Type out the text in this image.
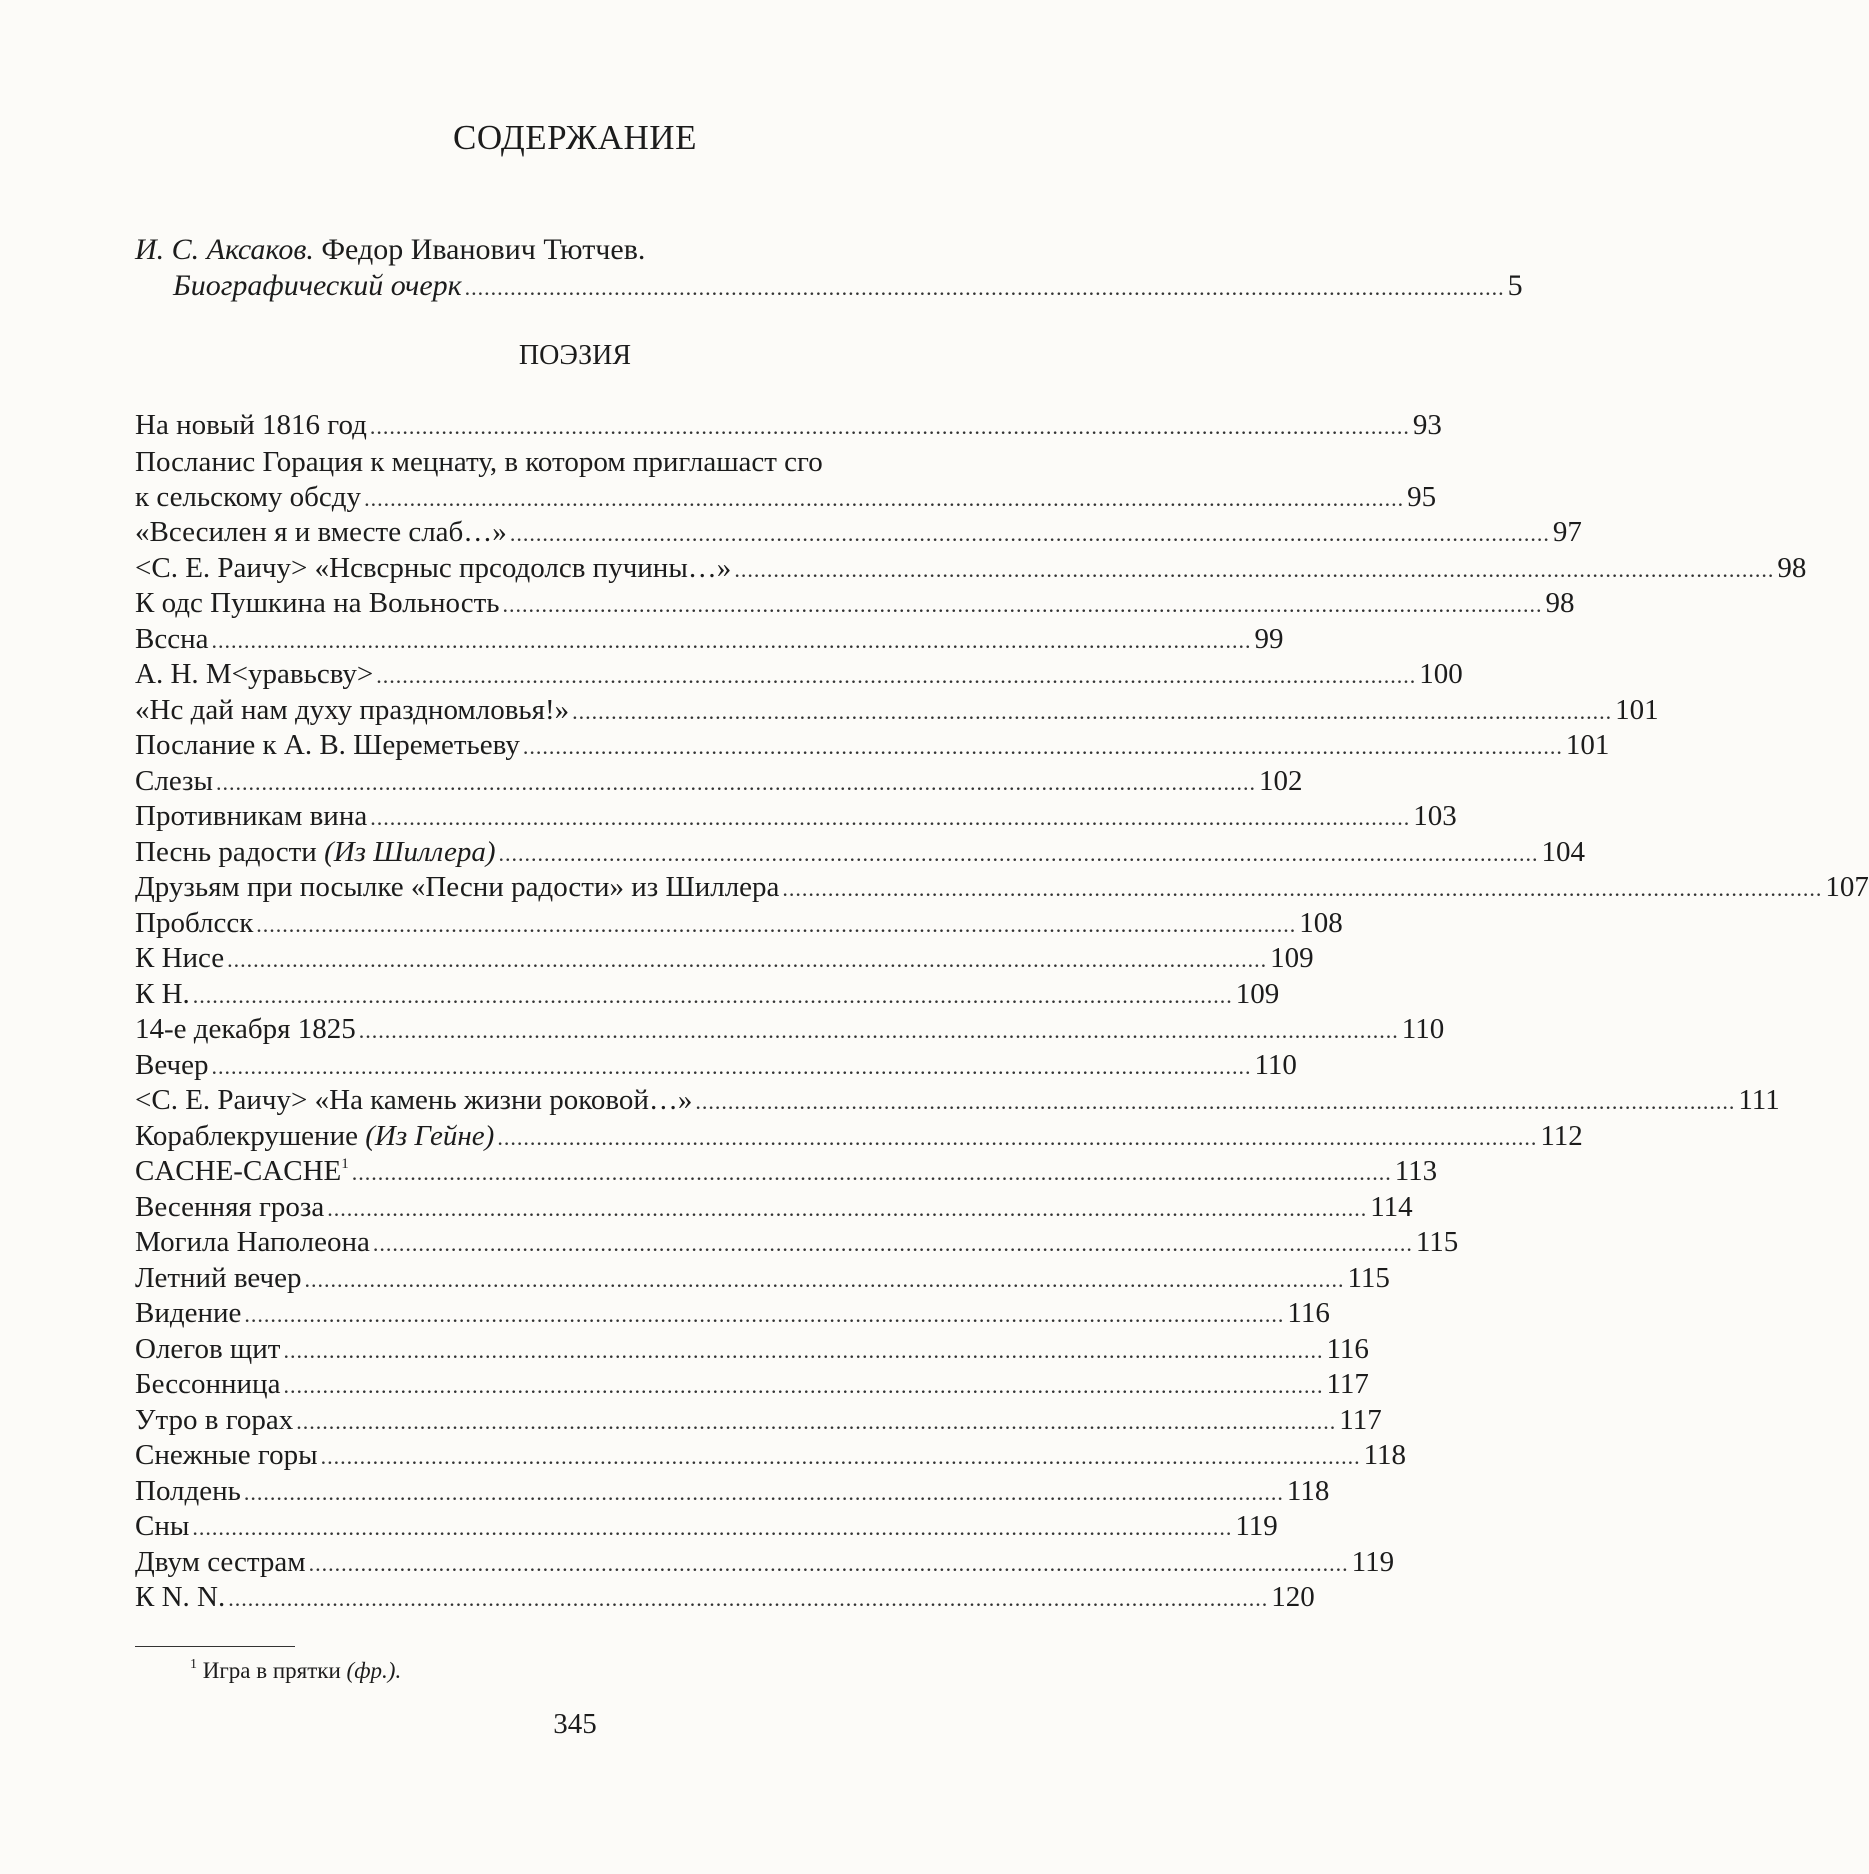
СОДЕРЖАНИЕ
И. С. Аксаков. Федор Иванович Тютчев.
Биографический очерк ................................................................................................................................................................ 5
ПОЭЗИЯ
На новый 1816 год ................................................................................................................................................................ 93
Посланис Горация к мецнату, в котором приглашаст сго
к сельскому обсду ................................................................................................................................................................ 95
«Всесилен я и вместе слаб…» ................................................................................................................................................................ 97
<С. Е. Раичу> «Нсвсрныс прсодолсв пучины…» ................................................................................................................................................................ 98
К одс Пушкина на Вольность ................................................................................................................................................................ 98
Вссна ................................................................................................................................................................ 99
А. Н. М<уравьсву> ................................................................................................................................................................ 100
«Нс дай нам духу праздномловья!» ................................................................................................................................................................ 101
Послание к А. В. Шереметьеву ................................................................................................................................................................ 101
Слезы ................................................................................................................................................................ 102
Противникам вина ................................................................................................................................................................ 103
Песнь радости (Из Шиллера) ................................................................................................................................................................ 104
Друзьям при посылке «Песни радости» из Шиллера ................................................................................................................................................................ 107
Проблсск ................................................................................................................................................................ 108
К Нисе ................................................................................................................................................................ 109
К Н. ................................................................................................................................................................ 109
14-е декабря 1825 ................................................................................................................................................................ 110
Вечер ................................................................................................................................................................ 110
<С. Е. Раичу> «На камень жизни роковой…» ................................................................................................................................................................ 111
Кораблекрушение (Из Гейне) ................................................................................................................................................................ 112
CACHE-CACHE$^1$ ................................................................................................................................................................ 113
Весенняя гроза ................................................................................................................................................................ 114
Могила Наполеона ................................................................................................................................................................ 115
Летний вечер ................................................................................................................................................................ 115
Видение ................................................................................................................................................................ 116
Олегов щит ................................................................................................................................................................ 116
Бессонница ................................................................................................................................................................ 117
Утро в горах ................................................................................................................................................................ 117
Снежные горы ................................................................................................................................................................ 118
Полдень ................................................................................................................................................................ 118
Сны ................................................................................................................................................................ 119
Двум сестрам ................................................................................................................................................................ 119
К N. N. ................................................................................................................................................................ 120
$^1$ Игра в прятки (фр.).
345
